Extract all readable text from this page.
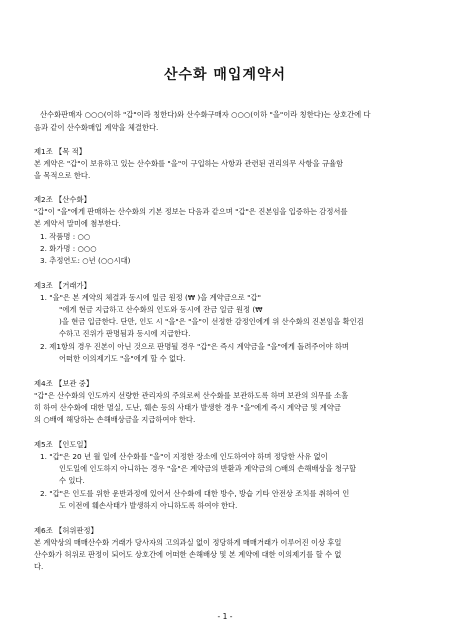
산수화 매입계약서
산수화판매자 ○○○(이하 "갑"이라 칭한다)와 산수화구매자 ○○○(이하 "을"이라 칭한다)는 상호간에 다
음과 같이 산수화매입 계약을 체결한다.
제1조 【목 적】
본 계약은 "갑"이 보유하고 있는 산수화를 "을"이 구입하는 사항과 관련된 권리의무 사항을 규율함
을 목적으로 한다.
제2조 【산수화】
"갑"이 "을"에게 판매하는 산수화의 기본 정보는 다음과 같으며 "갑"은 진본임을 입증하는 감정서를
본 계약서 말미에 첨부한다.
1. 작품명 : ○○
2. 화가명 : ○○○
3. 추정연도: ○년 (○○시대)
제3조 【거래가】
1. "을"은 본 계약의 체결과 동시에 일금 원정 (₩ )을 계약금으로 "갑"
"에게 현금 지급하고 산수화의 인도와 동시에 잔금 일금 원정 (₩
)을 현금 입금한다. 단만, 인도 시 "을"은 "을"이 선정한 감정인에게 위 산수화의 진본임을 확인검
수하고 진위가 판명됨과 동시에 지급한다.
2. 제1항의 경우 진본이 아닌 것으로 판명될 경우 "갑"은 즉시 계약금을 "을"에게 돌려주어야 하며
어떠한 이의제기도 "을"에게 할 수 없다.
제4조 【보관 중】
"갑"은 산수화의 인도까지 선량한 관리자의 주의로써 산수화를 보관하도록 하며 보관의 의무를 소홀
히 하여 산수화에 대한 멸실, 도난, 훼손 등의 사태가 발생한 경우 "을"에게 즉시 계약금 및 계약금
의 ○배에 해당하는 손해배상금을 지급하여야 한다.
제5조 【인도일】
1. "갑"은 20 년 월 일에 산수화를 "을"이 지정한 장소에 인도하여야 하며 정당한 사유 없이
인도일에 인도하지 아니하는 경우 "을"은 계약금의 반환과 계약금의 ○배의 손해배상을 청구할
수 있다.
2. "갑"은 인도를 위한 운반과정에 있어서 산수화에 대한 방수, 방습 기타 안전상 조치를 취하여 인
도 이전에 훼손사태가 발생하지 아니하도록 하여야 한다.
제6조 【허위판정】
본 계약상의 매매산수화 거래가 당사자의 고의과실 없이 정당하게 매매거래가 이루어진 이상 후일
산수화가 허위로 판정이 되어도 상호간에 어떠한 손해배상 및 본 계약에 대한 이의제기를 할 수 없
다.
- 1 -
